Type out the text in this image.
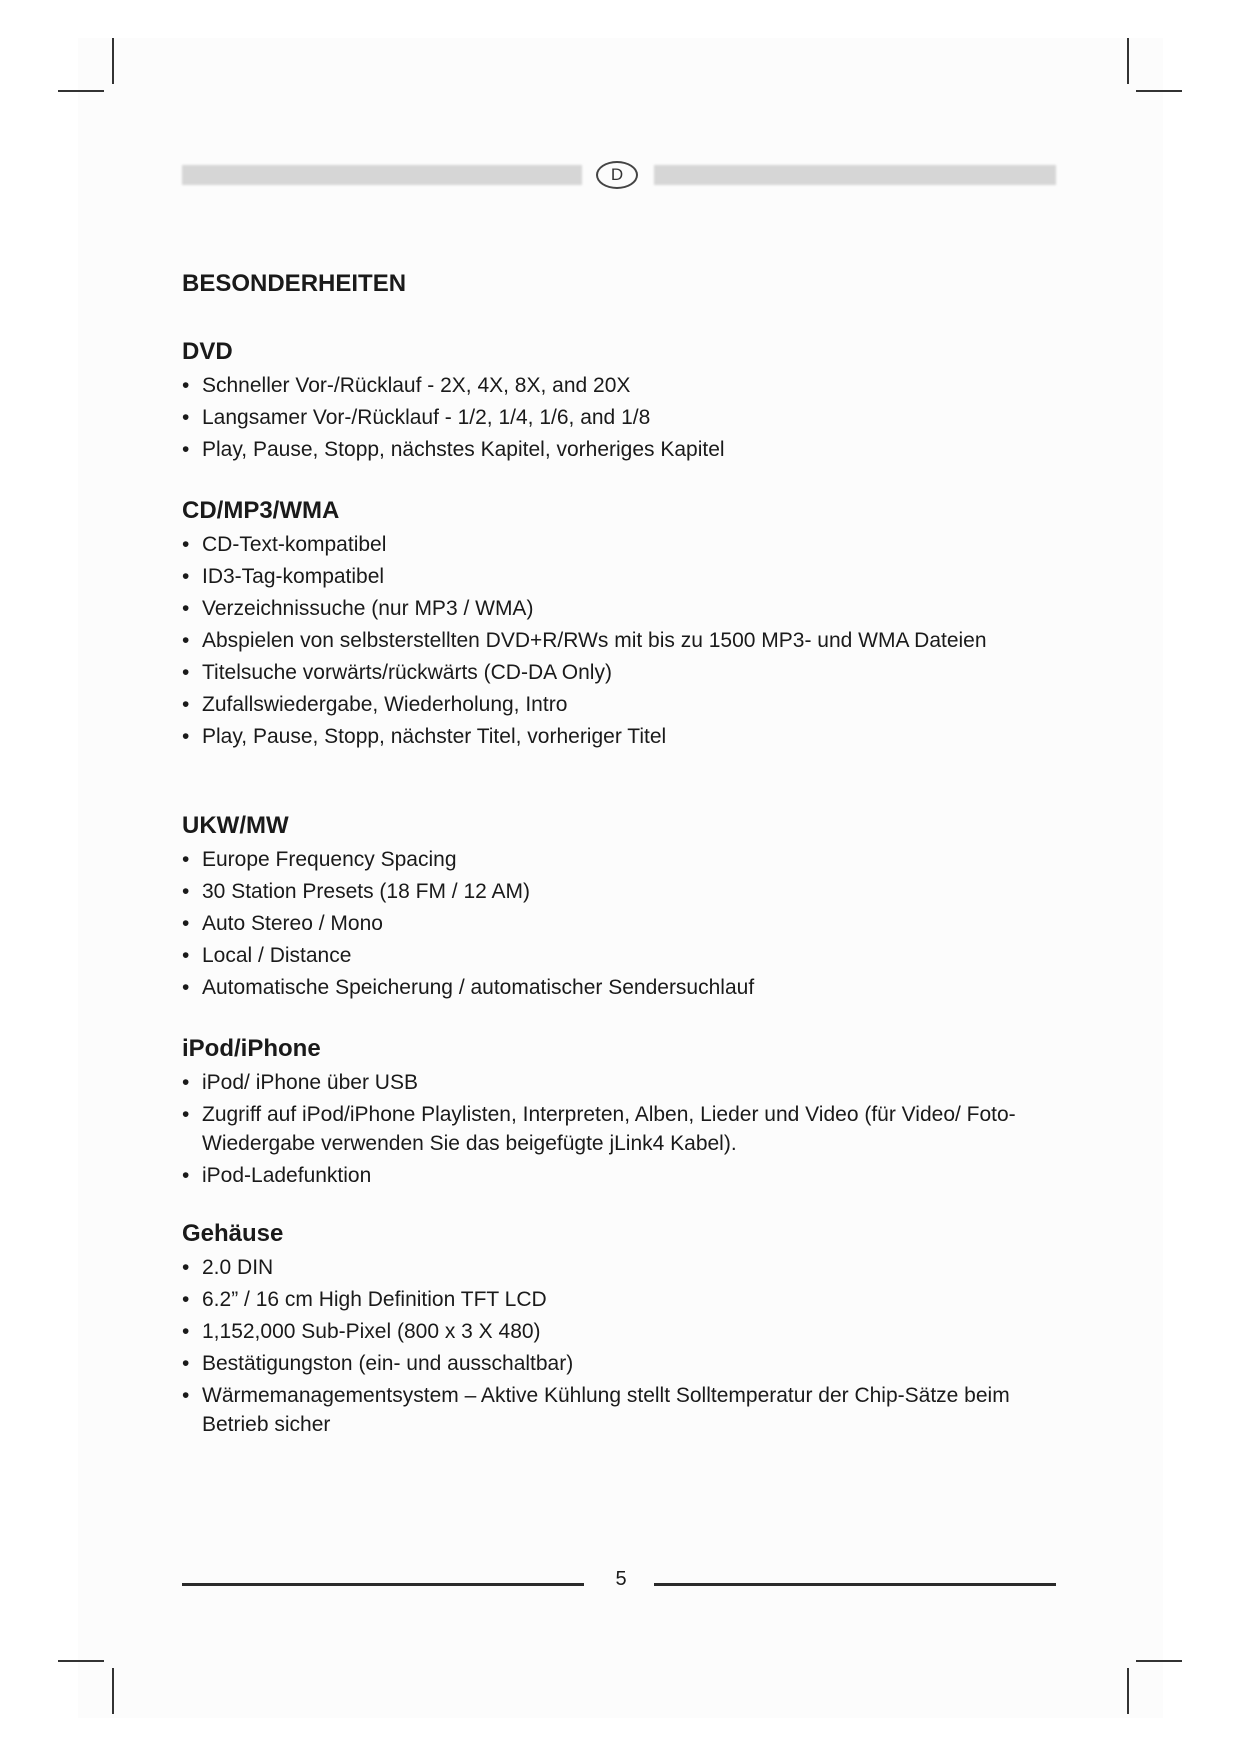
D
BESONDERHEITEN
DVD
• Schneller Vor-/Rücklauf - 2X, 4X, 8X, and 20X
• Langsamer Vor-/Rücklauf - 1/2, 1/4, 1/6, and 1/8
• Play, Pause, Stopp, nächstes Kapitel, vorheriges Kapitel
CD/MP3/WMA
• CD-Text-kompatibel
• ID3-Tag-kompatibel
• Verzeichnissuche (nur MP3 / WMA)
• Abspielen von selbsterstellten DVD+R/RWs mit bis zu 1500 MP3- und WMA Dateien
• Titelsuche vorwärts/rückwärts (CD-DA Only)
• Zufallswiedergabe, Wiederholung, Intro
• Play, Pause, Stopp, nächster Titel, vorheriger Titel
UKW/MW
• Europe Frequency Spacing
• 30 Station Presets (18 FM / 12 AM)
• Auto Stereo / Mono
• Local / Distance
• Automatische Speicherung / automatischer Sendersuchlauf
iPod/iPhone
• iPod/ iPhone über USB
• Zugriff auf iPod/iPhone Playlisten, Interpreten, Alben, Lieder und Video (für Video/ Foto-Wiedergabe verwenden Sie das beigefügte jLink4 Kabel).
• iPod-Ladefunktion
Gehäuse
• 2.0 DIN
• 6.2” / 16 cm High Definition TFT LCD
• 1,152,000 Sub-Pixel (800 x 3 X 480)
• Bestätigungston (ein- und ausschaltbar)
• Wärmemanagementsystem – Aktive Kühlung stellt Solltemperatur der Chip-Sätze beim Betrieb sicher
5
